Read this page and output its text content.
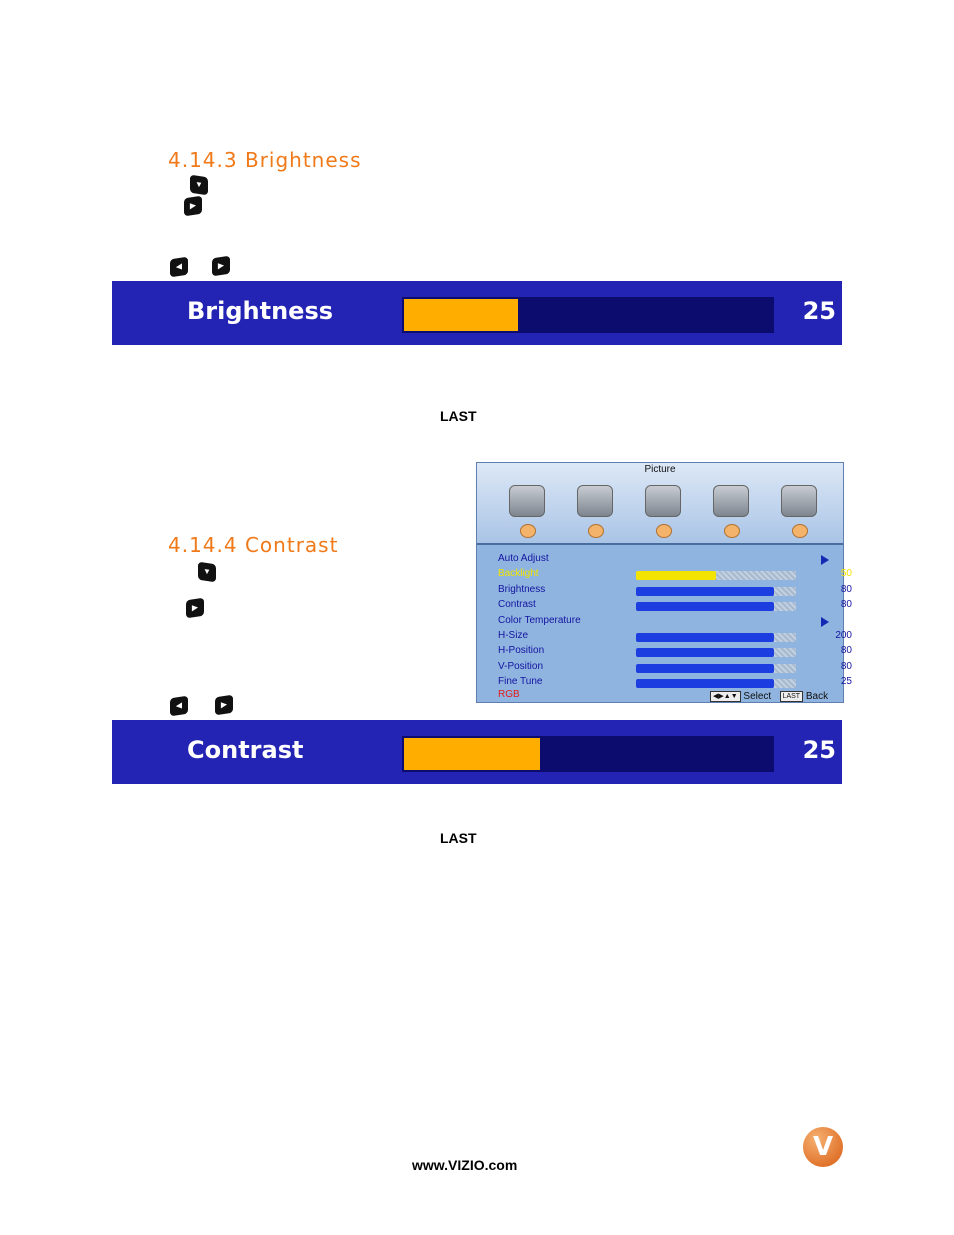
4.14.3 Brightness
▼
▶
◀	▶
Brightness	25
LAST
Picture
Auto Adjust
Backlight	50
Brightness	80
Contrast	80
Color Temperature
H-Size	200
H-Position	80
V-Position	80
Fine Tune	25
RGB	◀▶▲▼ Select LAST Back
4.14.4 Contrast
▼
▶
◀	▶
Contrast	25
LAST
www.VIZIO.com
V
